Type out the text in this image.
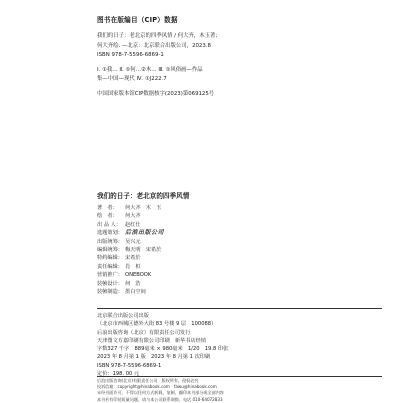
图书在版编目（CIP）数据

我们的日子：老北京的四季风情 / 何大齐，木玉著；

何大齐绘. —北京：北京联合出版公司，2023.8

ISBN 978-7-5596-6869-1

Ⅰ. ①我… Ⅱ. ①何…②木… Ⅲ. ①风俗画—作品

集—中国—现代 Ⅳ. ①J222.7

中国国家版本馆CIP数据核字(2023)第069125号

我们的日子：老北京的四季风情
著　者：	何大齐　木　玉
绘　者：	何大齐
出 品 人： 赵红仕
选题策划： 后浪出版公司
出版统筹： 吴兴元
编辑统筹： 梅天明　宋希於
特约编辑： 宋希於
责任编辑： 肖　桓
营销推广： ONEBOOK
装帧设计： 何　浩
装帧制造： 墨白空间

北京联合出版公司出版

（北京市西城区德外大街 83 号楼 9 层　100088）

后浪出版咨询（北京）有限责任公司发行

天津图文方嘉印刷有限公司印刷　新华书店经销

字数327 千字　889毫米 × 980毫米　1/20　19.8 印张

2023 年 8 月第 1 版　2023 年 8 月第 1 次印刷

ISBN 978-7-5596-6869-1

定价：198. 00 元

后浪出版咨询(北京)有限责任公司　版权所有，侵权必究

投诉信箱：copyright@hinabook.com　fawu@hinabook.com

未经书面许可，不得以任何方式转载、复制、翻印本书部分或全部内容

本书若有印装质量问题，请与本公司联系调换，电话 010-64072833
